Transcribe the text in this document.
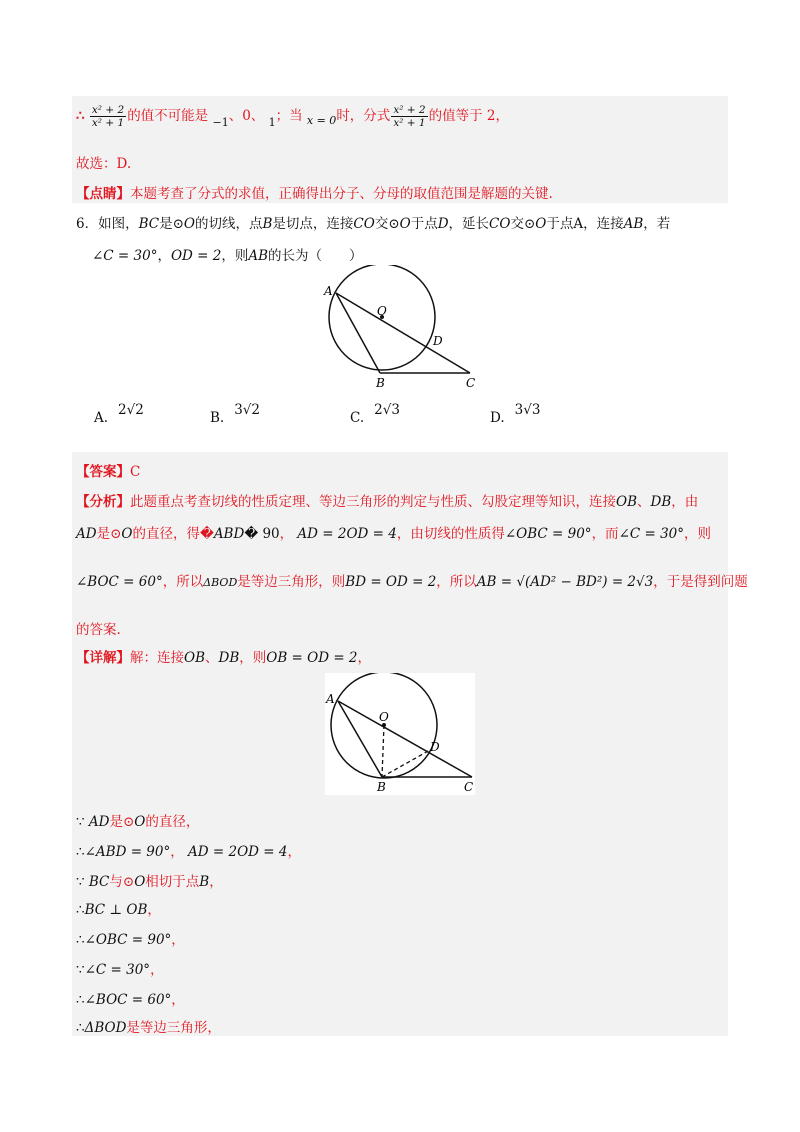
∴ $\frac{\text{x² + 2}}{\text{x² + 1}}$ 的值不可能是 $_{-1}$、0、 $_1$；当 $_{x = 0}$时，分式 $\frac{\text{x² + 2}}{\text{x² + 1}}$ 的值等于 2，
故选：D.
【点睛】本题考查了分式的求值，正确得出分子、分母的取值范围是解题的关键.
6．如图，BC是⊙O的切线，点B是切点，连接CO交⊙O于点D，延长CO交⊙O于点A，连接AB，若
∠C = 30°，OD = 2，则AB的长为（　　）
A
O
D
B	C
A. 2√2	B. 3√2	C. 2√3	D. 3√3
【答案】C
【分析】此题重点考查切线的性质定理、等边三角形的判定与性质、勾股定理等知识，连接OB、DB，由
AD是⊙O的直径，得�ABD� 90， AD = 2OD = 4，由切线的性质得∠OBC = 90°，而∠C = 30°，则
∠BOC = 60°，所以ΔBOD是等边三角形，则BD = OD = 2，所以AB = √(AD² − BD²) = 2√3，于是得到问题
的答案.
【详解】解：连接OB、DB，则OB = OD = 2，
A
O
D
B	C
∵ AD是⊙O的直径，
∴∠ABD = 90°， AD = 2OD = 4，
∵ BC与⊙O相切于点B，
∴BC ⊥ OB，
∴∠OBC = 90°，
∵∠C = 30°，
∴∠BOC = 60°，
∴ΔBOD是等边三角形，
